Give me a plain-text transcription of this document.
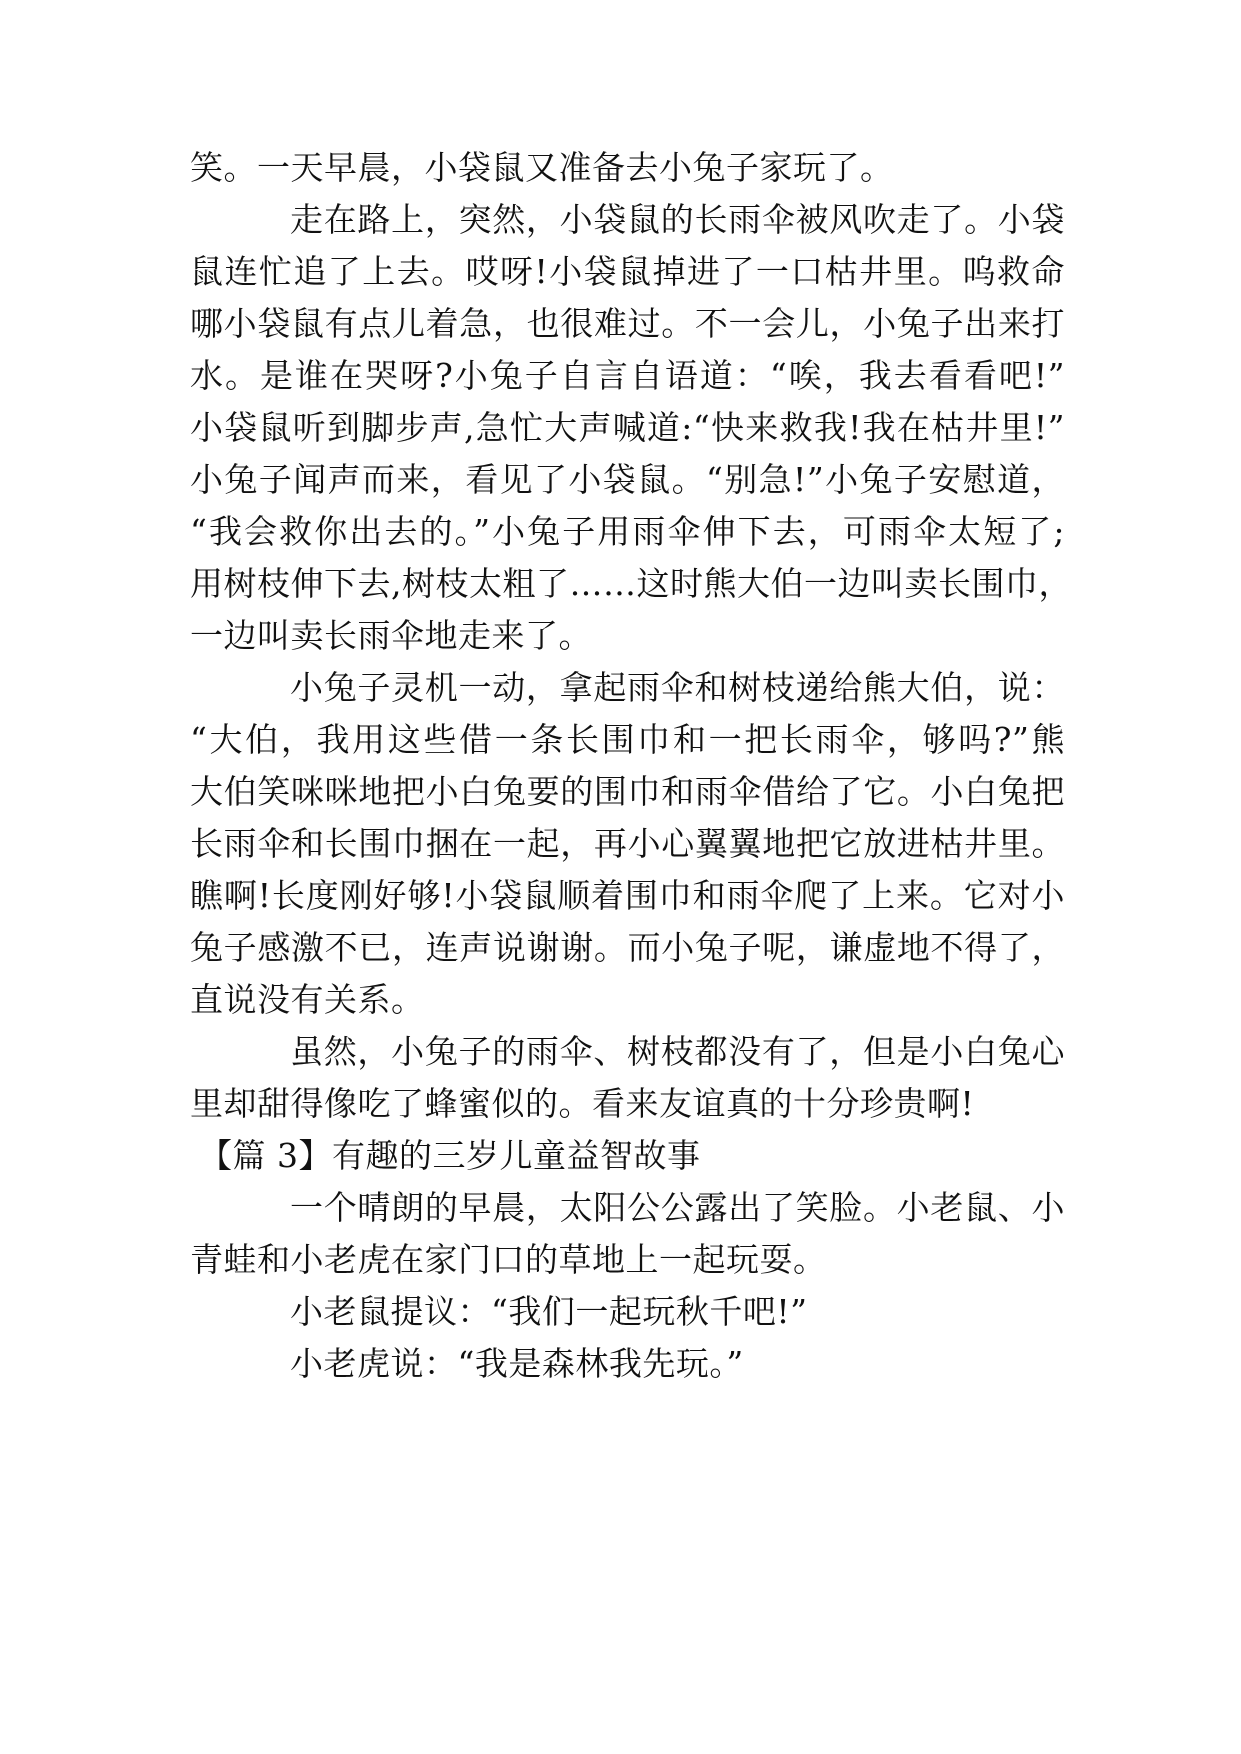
笑。一天早晨，小袋鼠又准备去小兔子家玩了。
走在路上，突然，小袋鼠的长雨伞被风吹走了。小袋
鼠连忙追了上去。哎呀!小袋鼠掉进了一口枯井里。呜救命
哪小袋鼠有点儿着急，也很难过。不一会儿，小兔子出来打
水。是谁在哭呀?小兔子自言自语道：“唉，我去看看吧!”
小袋鼠听到脚步声,急忙大声喊道:“快来救我!我在枯井里!”
小兔子闻声而来，看见了小袋鼠。“别急!”小兔子安慰道，
“我会救你出去的。”小兔子用雨伞伸下去，可雨伞太短了;
用树枝伸下去,树枝太粗了……这时熊大伯一边叫卖长围巾，
一边叫卖长雨伞地走来了。
小兔子灵机一动，拿起雨伞和树枝递给熊大伯，说：
“大伯，我用这些借一条长围巾和一把长雨伞，够吗?”熊
大伯笑咪咪地把小白兔要的围巾和雨伞借给了它。小白兔把
长雨伞和长围巾捆在一起，再小心翼翼地把它放进枯井里。
瞧啊!长度刚好够!小袋鼠顺着围巾和雨伞爬了上来。它对小
兔子感激不已，连声说谢谢。而小兔子呢，谦虚地不得了，
直说没有关系。
虽然，小兔子的雨伞、树枝都没有了，但是小白兔心
里却甜得像吃了蜂蜜似的。看来友谊真的十分珍贵啊!
【篇 3】有趣的三岁儿童益智故事
一个晴朗的早晨，太阳公公露出了笑脸。小老鼠、小
青蛙和小老虎在家门口的草地上一起玩耍。
小老鼠提议：“我们一起玩秋千吧!”
小老虎说：“我是森林我先玩。”
